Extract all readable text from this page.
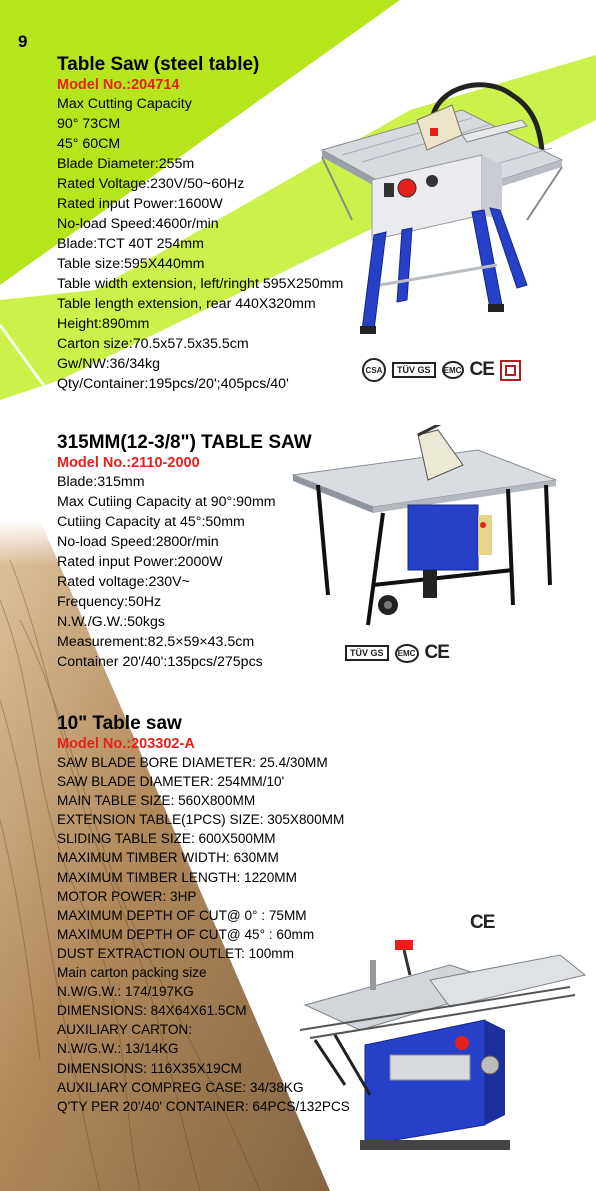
9
Table Saw (steel table)
Model No.:204714
Max Cutting Capacity
90° 73CM
45° 60CM
Blade Diameter:255m
Rated Voltage:230V/50~60Hz
Rated input Power:1600W
No-load Speed:4600r/min
Blade:TCT 40T 254mm
Table size:595X440mm
Table width extension, left/ringht 595X250mm
Table length extension, rear 440X320mm
Height:890mm
Carton size:70.5x57.5x35.5cm
Gw/NW:36/34kg
Qty/Container:195pcs/20';405pcs/40'
CSA	TÜV GS	EMC CE
315MM(12-3/8") TABLE SAW
Model No.:2110-2000
Blade:315mm
Max Cutiing Capacity at 90°:90mm
Cutiing Capacity at 45°:50mm
No-load Speed:2800r/min
Rated input Power:2000W
Rated voltage:230V~
Frequency:50Hz
N.W./G.W.:50kgs
Measurement:82.5×59×43.5cm
Container 20'/40':135pcs/275pcs
TÜV GS	EMC CE
10" Table saw
Model No.:203302-A
SAW BLADE BORE DIAMETER: 25.4/30MM
SAW BLADE DIAMETER: 254MM/10'
MAIN TABLE SIZE: 560X800MM
EXTENSION TABLE(1PCS) SIZE: 305X800MM
SLIDING TABLE SIZE: 600X500MM
MAXIMUM TIMBER WIDTH: 630MM
MAXIMUM TIMBER LENGTH: 1220MM
MOTOR POWER: 3HP
MAXIMUM DEPTH OF CUT@ 0° : 75MM
MAXIMUM DEPTH OF CUT@ 45° : 60mm
DUST EXTRACTION OUTLET: 100mm
Main carton packing size
N.W/G.W.: 174/197KG
DIMENSIONS: 84X64X61.5CM
AUXILIARY CARTON:
N.W/G.W.: 13/14KG
DIMENSIONS: 116X35X19CM
AUXILIARY COMPREG CASE: 34/38KG
Q'TY PER 20'/40' CONTAINER: 64PCS/132PCS
CE
